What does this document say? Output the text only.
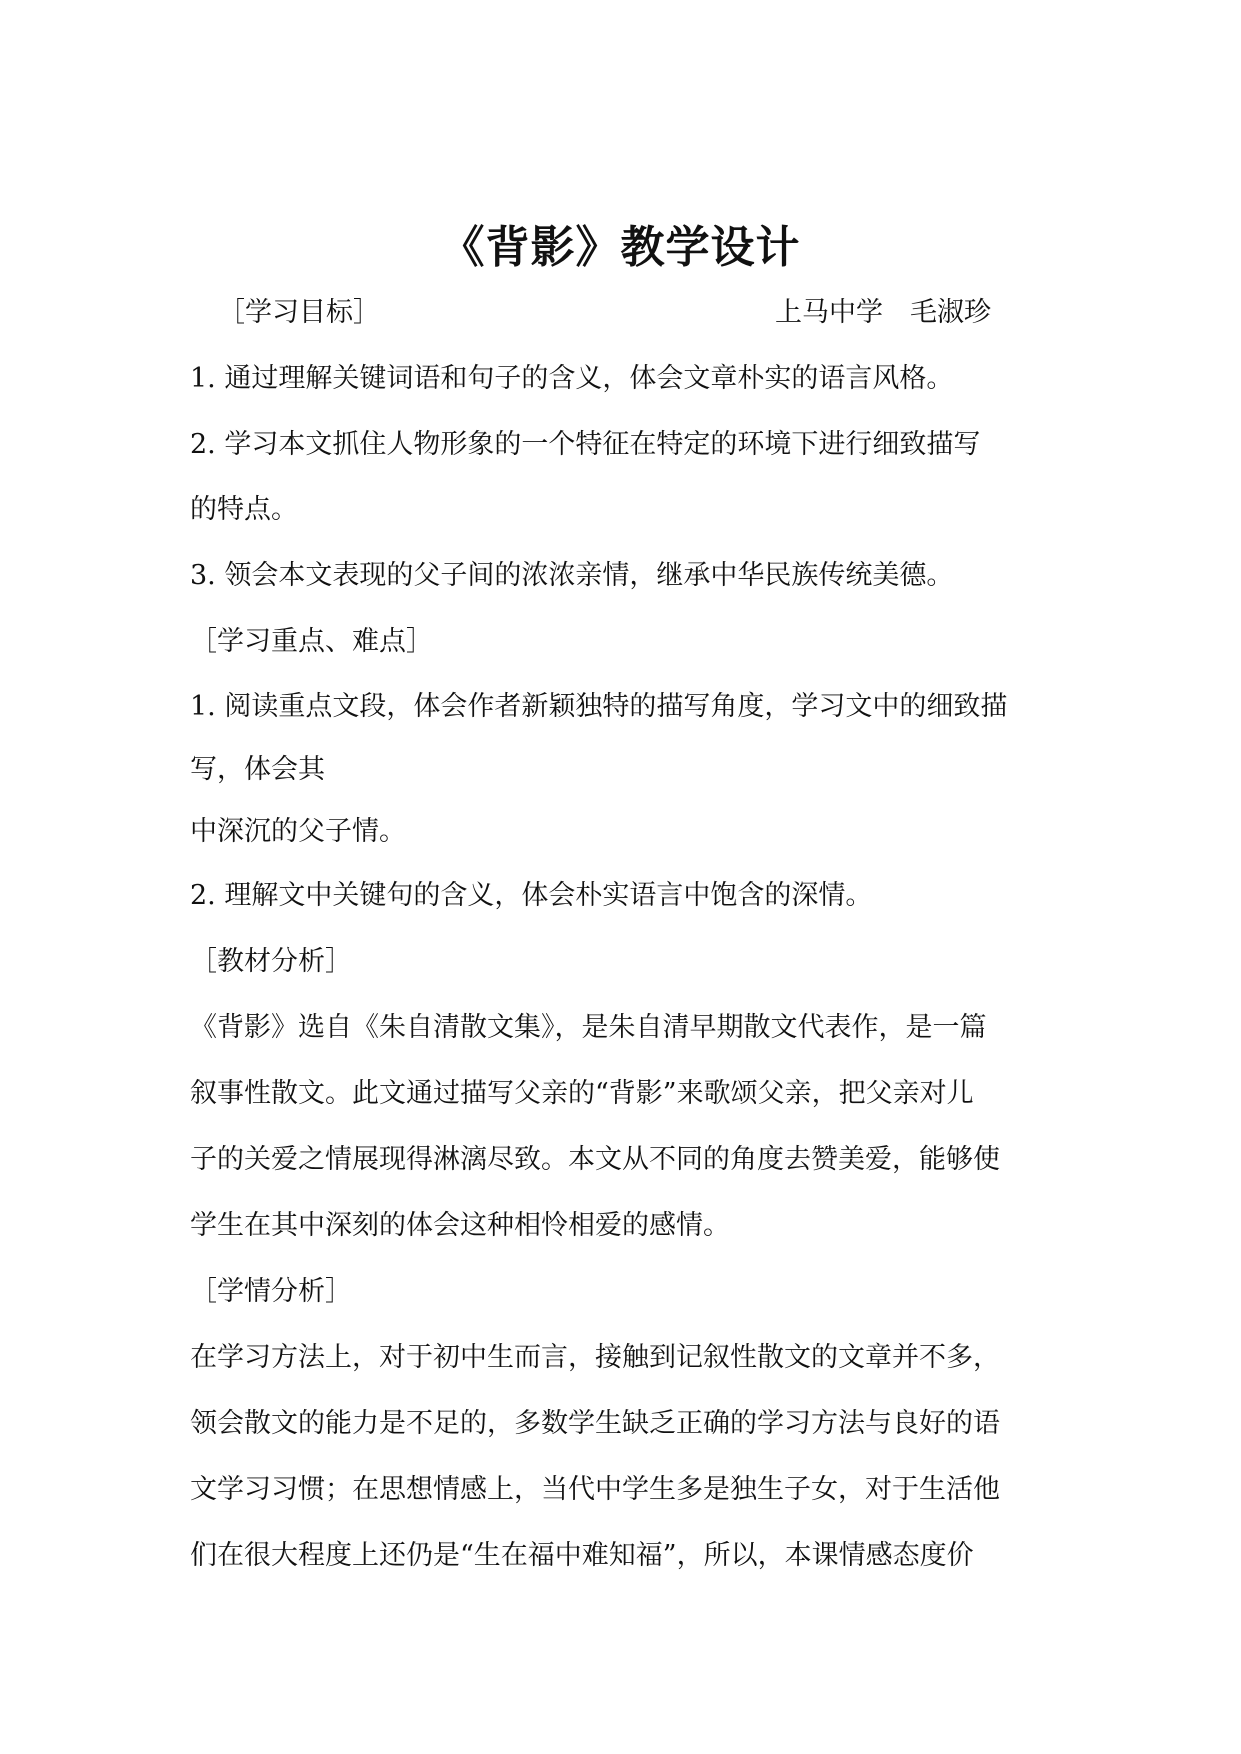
《背影》教学设计
［学习目标］	上马中学　毛淑珍
1. 通过理解关键词语和句子的含义，体会文章朴实的语言风格。
2. 学习本文抓住人物形象的一个特征在特定的环境下进行细致描写
的特点。
3. 领会本文表现的父子间的浓浓亲情，继承中华民族传统美德。
［学习重点、难点］
1. 阅读重点文段，体会作者新颖独特的描写角度，学习文中的细致描
写，体会其
中深沉的父子情。
2. 理解文中关键句的含义，体会朴实语言中饱含的深情。
［教材分析］
《背影》选自《朱自清散文集》，是朱自清早期散文代表作，是一篇
叙事性散文。此文通过描写父亲的“背影”来歌颂父亲，把父亲对儿
子的关爱之情展现得淋漓尽致。本文从不同的角度去赞美爱，能够使
学生在其中深刻的体会这种相怜相爱的感情。
［学情分析］
在学习方法上，对于初中生而言，接触到记叙性散文的文章并不多，
领会散文的能力是不足的，多数学生缺乏正确的学习方法与良好的语
文学习习惯；在思想情感上，当代中学生多是独生子女，对于生活他
们在很大程度上还仍是“生在福中难知福”，所以，本课情感态度价
